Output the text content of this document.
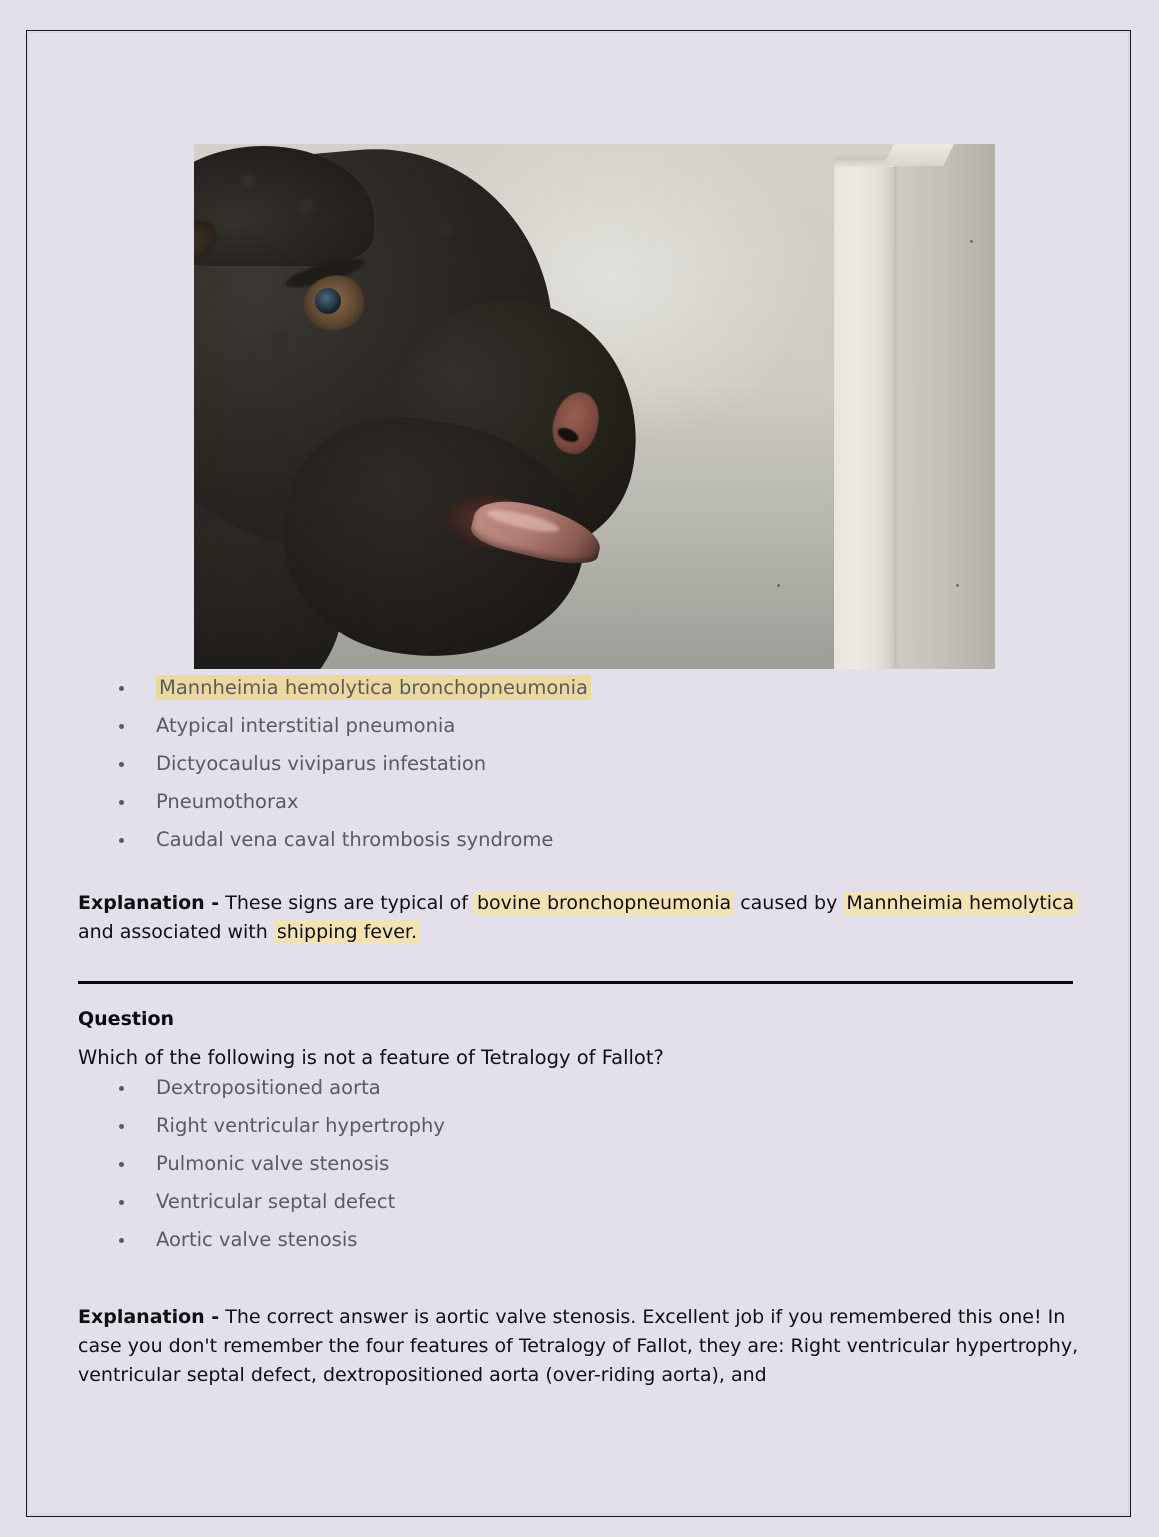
Mannheimia hemolytica bronchopneumonia
Atypical interstitial pneumonia
Dictyocaulus viviparus infestation
Pneumothorax
Caudal vena caval thrombosis syndrome
Explanation - These signs are typical of bovine bronchopneumonia caused by Mannheimia hemolytica and associated with shipping fever.
Question
Which of the following is not a feature of Tetralogy of Fallot?
Dextropositioned aorta
Right ventricular hypertrophy
Pulmonic valve stenosis
Ventricular septal defect
Aortic valve stenosis
Explanation - The correct answer is aortic valve stenosis. Excellent job if you remembered this one! In case you don't remember the four features of Tetralogy of Fallot, they are: Right ventricular hypertrophy, ventricular septal defect, dextropositioned aorta (over-riding aorta), and
